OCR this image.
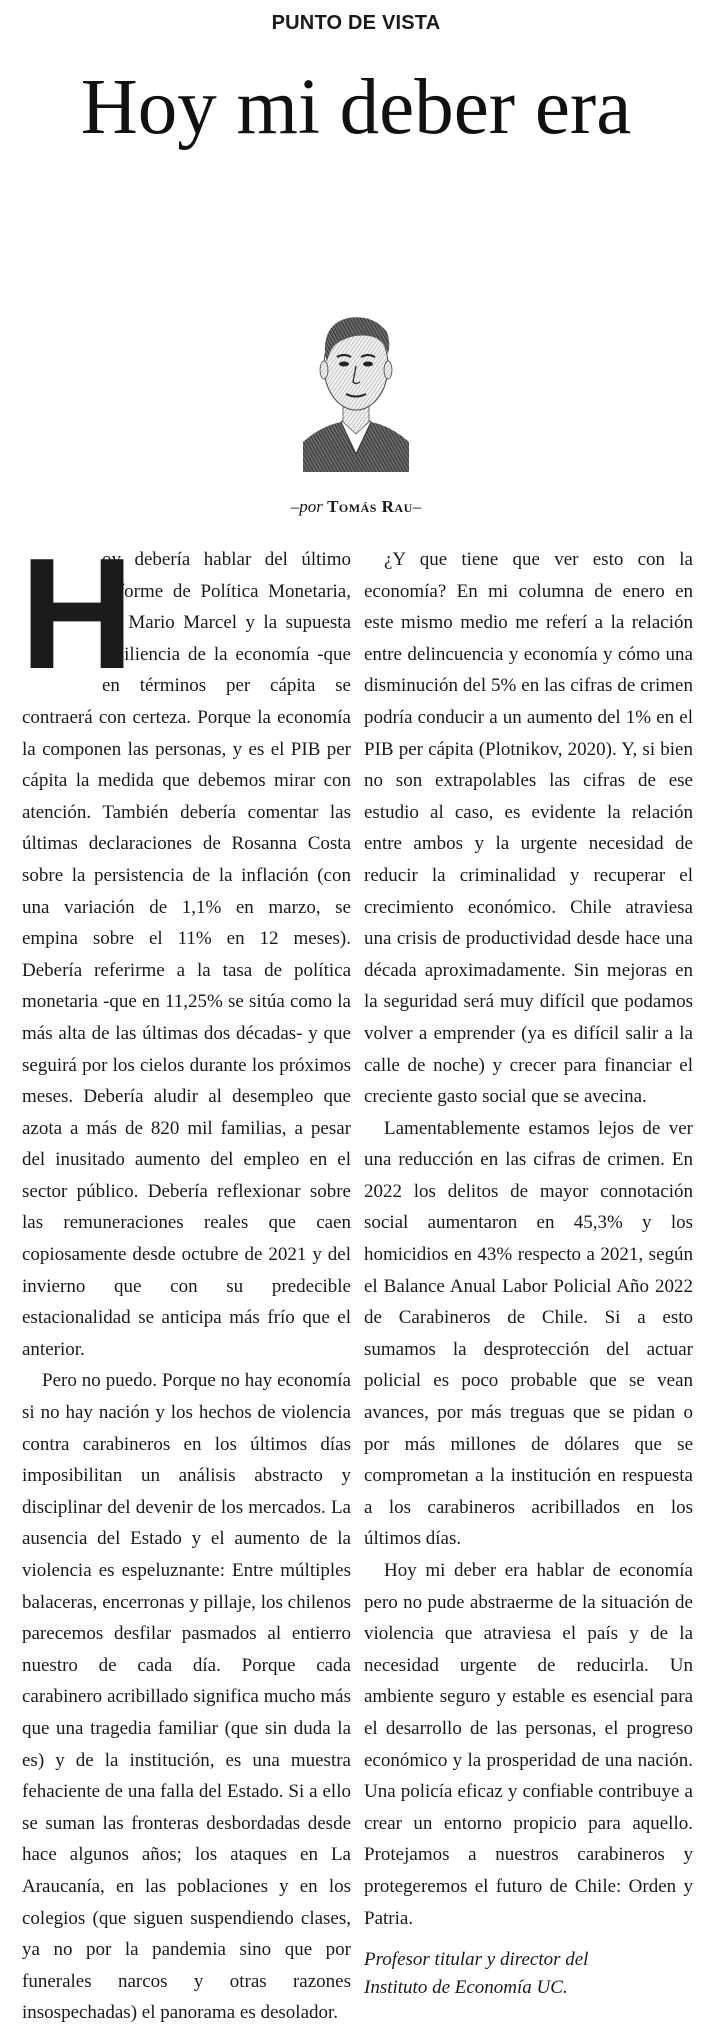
PUNTO DE VISTA
Hoy mi deber era
–por Tomás Rau–

H
oy debería hablar del último Informe de Política Monetaria, de Mario Marcel y la supuesta resiliencia de la economía -que en términos per cápita se contraerá con certeza. Porque la economía la componen las personas, y es el PIB per cápita la medida que debemos mirar con atención. También debería comentar las últimas declaraciones de Rosanna Costa sobre la persistencia de la inflación (con una variación de 1,1% en marzo, se empina sobre el 11% en 12 meses). Debería referirme a la tasa de política monetaria -que en 11,25% se sitúa como la más alta de las últimas dos décadas- y que seguirá por los cielos durante los próximos meses. Debería aludir al desempleo que azota a más de 820 mil familias, a pesar del inusitado aumento del empleo en el sector público. Debería reflexionar sobre las remuneraciones reales que caen copiosamente desde octubre de 2021 y del invierno que con su predecible estacionalidad se anticipa más frío que el anterior.

Pero no puedo. Porque no hay economía si no hay nación y los hechos de violencia contra carabineros en los últimos días imposibilitan un análisis abstracto y disciplinar del devenir de los mercados. La ausencia del Estado y el aumento de la violencia es espeluznante: Entre múltiples balaceras, encerronas y pillaje, los chilenos parecemos desfilar pasmados al entierro nuestro de cada día. Porque cada carabinero acribillado significa mucho más que una tragedia familiar (que sin duda la es) y de la institución, es una muestra fehaciente de una falla del Estado. Si a ello se suman las fronteras desbordadas desde hace algunos años; los ataques en La Araucanía, en las poblaciones y en los colegios (que siguen suspendiendo clases, ya no por la pandemia sino que por funerales narcos y otras razones insospechadas) el panorama es desolador.

¿Y que tiene que ver esto con la economía? En mi columna de enero en este mismo medio me referí a la relación entre delincuencia y economía y cómo una disminución del 5% en las cifras de crimen podría conducir a un aumento del 1% en el PIB per cápita (Plotnikov, 2020). Y, si bien no son extrapolables las cifras de ese estudio al caso, es evidente la relación entre ambos y la urgente necesidad de reducir la criminalidad y recuperar el crecimiento económico. Chile atraviesa una crisis de productividad desde hace una década aproximadamente. Sin mejoras en la seguridad será muy difícil que podamos volver a emprender (ya es difícil salir a la calle de noche) y crecer para financiar el creciente gasto social que se avecina.

Lamentablemente estamos lejos de ver una reducción en las cifras de crimen. En 2022 los delitos de mayor connotación social aumentaron en 45,3% y los homicidios en 43% respecto a 2021, según el Balance Anual Labor Policial Año 2022 de Carabineros de Chile. Si a esto sumamos la desprotección del actuar policial es poco probable que se vean avances, por más treguas que se pidan o por más millones de dólares que se comprometan a la institución en respuesta a los carabineros acribillados en los últimos días.

Hoy mi deber era hablar de economía pero no pude abstraerme de la situación de violencia que atraviesa el país y de la necesidad urgente de reducirla. Un ambiente seguro y estable es esencial para el desarrollo de las personas, el progreso económico y la prosperidad de una nación. Una policía eficaz y confiable contribuye a crear un entorno propicio para aquello. Protejamos a nuestros carabineros y protegeremos el futuro de Chile: Orden y Patria.

Profesor titular y director del
Instituto de Economía UC.
